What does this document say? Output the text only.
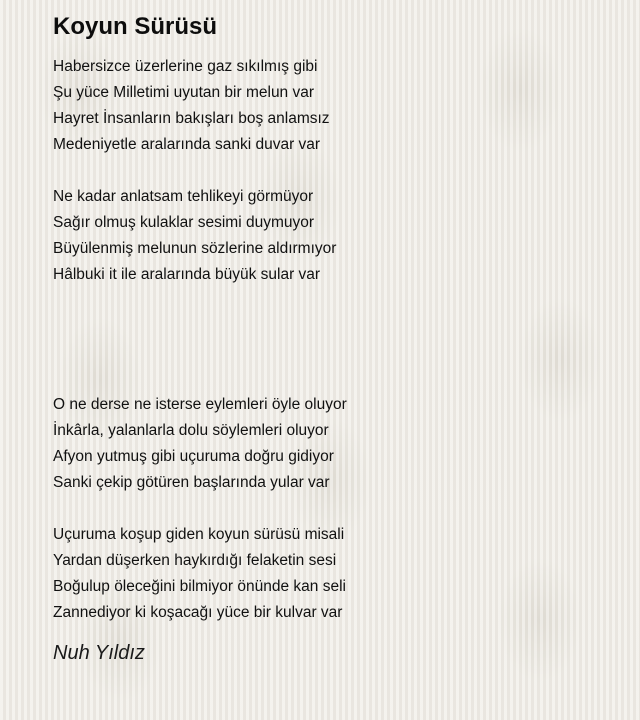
Koyun Sürüsü
Habersizce üzerlerine gaz sıkılmış gibi
Şu yüce Milletimi uyutan bir melun var
Hayret İnsanların bakışları boş anlamsız
Medeniyetle aralarında sanki duvar var
Ne kadar anlatsam tehlikeyi görmüyor
Sağır olmuş kulaklar sesimi duymuyor
Büyülenmiş melunun sözlerine aldırmıyor
Hâlbuki it ile aralarında büyük sular var
O ne derse ne isterse eylemleri öyle oluyor
İnkârla, yalanlarla dolu söylemleri oluyor
Afyon yutmuş gibi uçuruma doğru gidiyor
Sanki çekip götüren başlarında yular var
Uçuruma koşup giden koyun sürüsü misali
Yardan düşerken haykırdığı felaketin sesi
Boğulup öleceğini bilmiyor önünde kan seli
Zannediyor ki koşacağı yüce bir kulvar var
Nuh Yıldız
